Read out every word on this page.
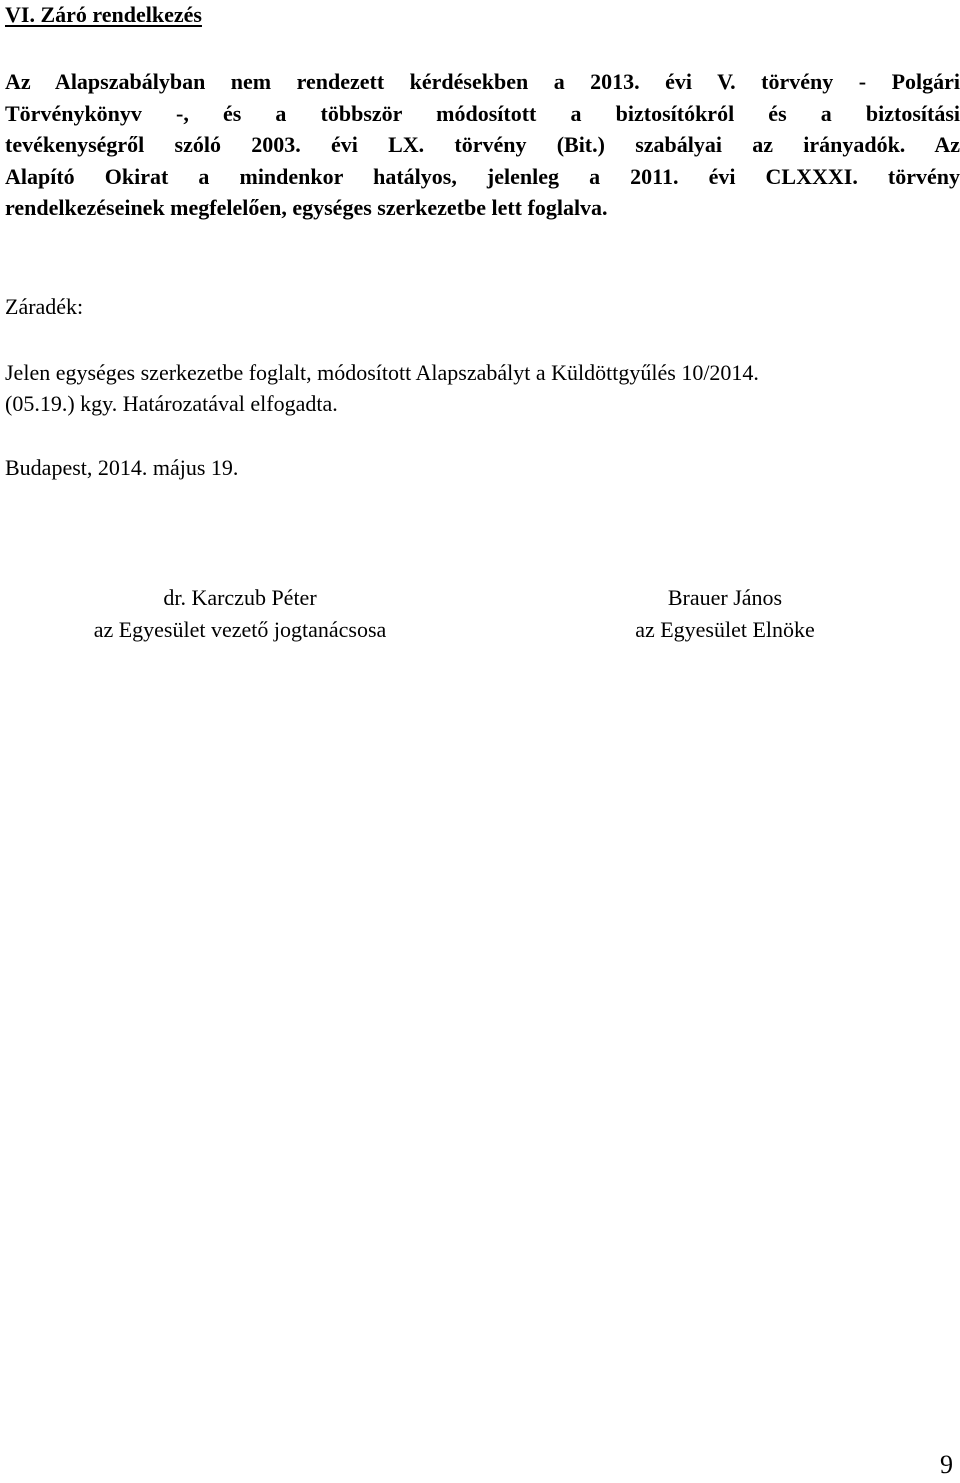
VI. Záró rendelkezés
Az Alapszabályban nem rendezett kérdésekben a 2013. évi V. törvény - Polgári
Törvénykönyv -, és a többször módosított a biztosítókról és a biztosítási
tevékenységről szóló 2003. évi LX. törvény (Bit.) szabályai az irányadók. Az
Alapító Okirat a mindenkor hatályos, jelenleg a 2011. évi CLXXXI. törvény
rendelkezéseinek megfelelően, egységes szerkezetbe lett foglalva.
Záradék:
Jelen egységes szerkezetbe foglalt, módosított Alapszabályt a Küldöttgyűlés 10/2014.
(05.19.) kgy. Határozatával elfogadta.
Budapest, 2014. május 19.
dr. Karczub Péter
az Egyesület vezető jogtanácsosa
Brauer János
az Egyesület Elnöke
9
